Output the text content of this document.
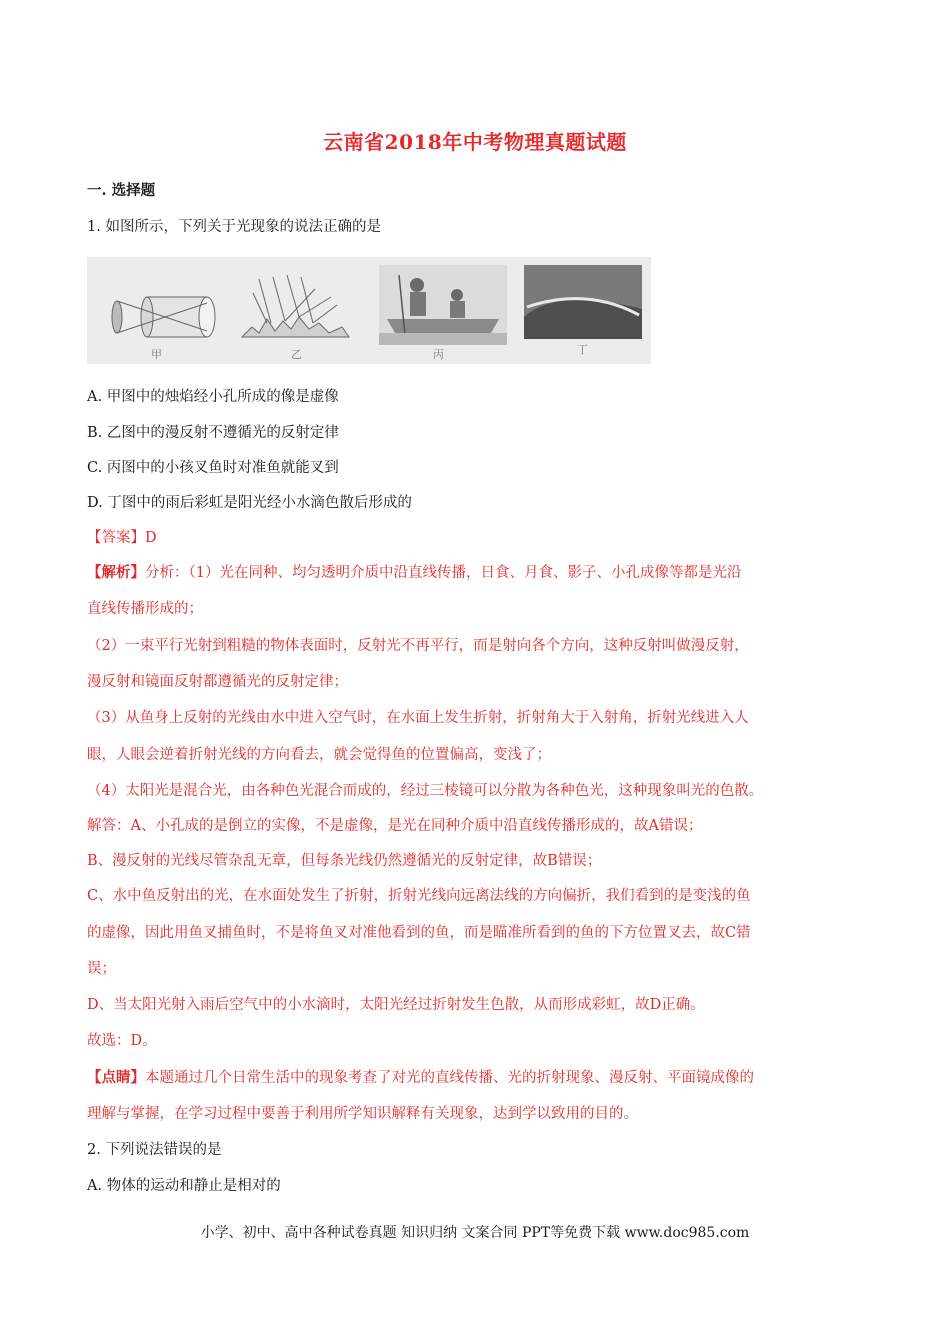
云南省2018年中考物理真题试题
一. 选择题
1. 如图所示，下列关于光现象的说法正确的是
甲	乙	丙	丁
A. 甲图中的烛焰经小孔所成的像是虚像
B. 乙图中的漫反射不遵循光的反射定律
C. 丙图中的小孩叉鱼时对准鱼就能叉到
D. 丁图中的雨后彩虹是阳光经小水滴色散后形成的
【答案】D
【解析】分析：（1）光在同种、均匀透明介质中沿直线传播，日食、月食、影子、小孔成像等都是光沿
直线传播形成的；
（2）一束平行光射到粗糙的物体表面时，反射光不再平行，而是射向各个方向，这种反射叫做漫反射，
漫反射和镜面反射都遵循光的反射定律；
（3）从鱼身上反射的光线由水中进入空气时，在水面上发生折射，折射角大于入射角，折射光线进入人
眼，人眼会逆着折射光线的方向看去，就会觉得鱼的位置偏高，变浅了；
（4）太阳光是混合光，由各种色光混合而成的，经过三棱镜可以分散为各种色光，这种现象叫光的色散。
解答：A、小孔成的是倒立的实像，不是虚像，是光在同种介质中沿直线传播形成的，故A错误；
B、漫反射的光线尽管杂乱无章，但每条光线仍然遵循光的反射定律，故B错误；
C、水中鱼反射出的光，在水面处发生了折射，折射光线向远离法线的方向偏折，我们看到的是变浅的鱼
的虚像，因此用鱼叉捕鱼时，不是将鱼叉对准他看到的鱼，而是瞄准所看到的鱼的下方位置叉去，故C错
误；
D、当太阳光射入雨后空气中的小水滴时，太阳光经过折射发生色散，从而形成彩虹，故D正确。
故选：D。
【点睛】本题通过几个日常生活中的现象考查了对光的直线传播、光的折射现象、漫反射、平面镜成像的
理解与掌握，在学习过程中要善于利用所学知识解释有关现象，达到学以致用的目的。
2. 下列说法错误的是
A. 物体的运动和静止是相对的
小学、初中、高中各种试卷真题 知识归纳 文案合同 PPT等免费下载 www.doc985.com
